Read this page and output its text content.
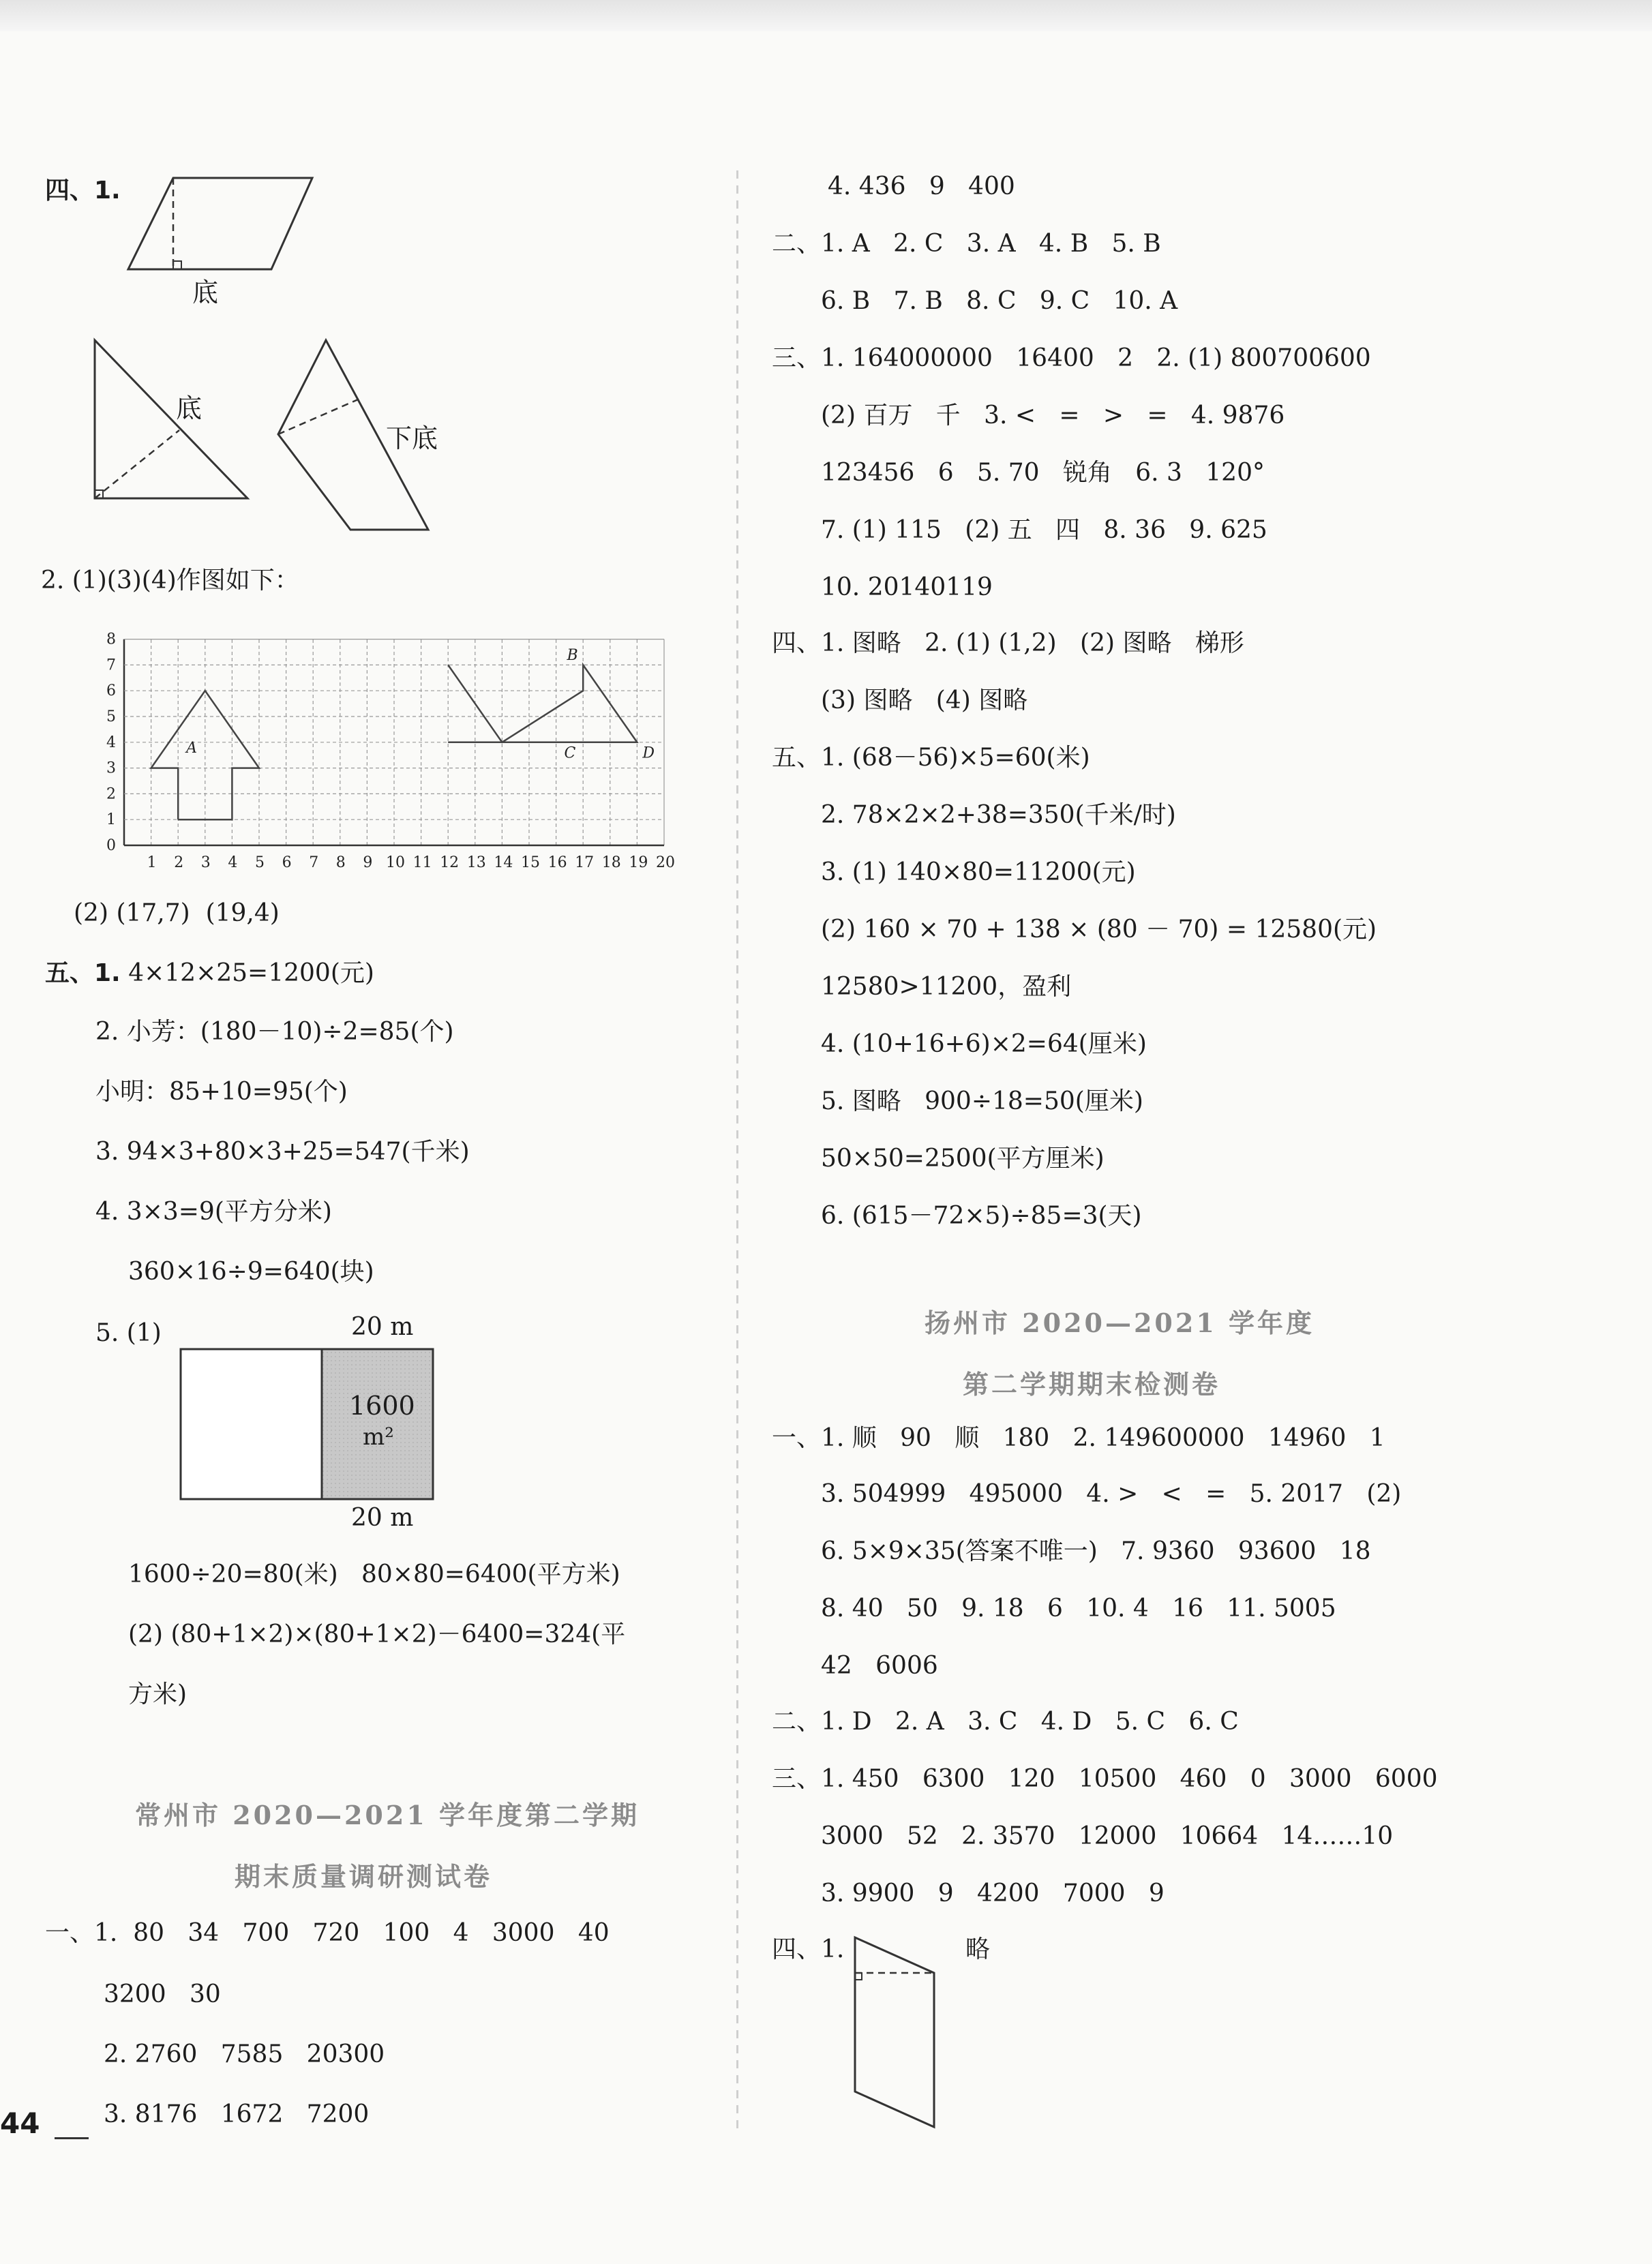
四、1.

底
底
下底

2. (1)(3)(4)作图如下：

0
1
2
3
4
5
6
7
8
1 2 3 4 5 6 7 8 9 10 11 12 13 14 15 16 17 18 19 20
A
B
C	D

(2) (17,7)  (19,4)

五、1. 4×12×25=1200(元)

2. 小芳：(180－10)÷2=85(个)

小明：85+10=95(个)

3. 94×3+80×3+25=547(千米)

4. 3×3=9(平方分米)

360×16÷9=640(块)

5. (1)	20 m
1600
m²
20 m

1600÷20=80(米)   80×80=6400(平方米)

(2) (80+1×2)×(80+1×2)－6400=324(平

方米)

常州市 2020—2021 学年度第二学期

期末质量调研测试卷

一、1.  80   34   700   720   100   4   3000   40

3200   30

2. 2760   7585   20300

3. 8176   1672   7200

44

4. 436   9   400

二、1. A   2. C   3. A   4. B   5. B

6. B   7. B   8. C   9. C   10. A

三、1. 164000000   16400   2   2. (1) 800700600

(2) 百万   千   3. <   =   >   =   4. 9876

123456   6   5. 70   锐角   6. 3   120°

7. (1) 115   (2) 五   四   8. 36   9. 625

10. 20140119

四、1. 图略   2. (1) (1,2)   (2) 图略   梯形

(3) 图略   (4) 图略

五、1. (68－56)×5=60(米)

2. 78×2×2+38=350(千米/时)

3. (1) 140×80=11200(元)

(2) 160 × 70 + 138 × (80 － 70) = 12580(元)

12580>11200，盈利

4. (10+16+6)×2=64(厘米)

5. 图略   900÷18=50(厘米)

50×50=2500(平方厘米)

6. (615－72×5)÷85=3(天)

扬州市 2020—2021 学年度

第二学期期末检测卷

一、1. 顺   90   顺   180   2. 149600000   14960   1

3. 504999   495000   4. >   <   =   5. 2017   (2)

6. 5×9×35(答案不唯一)   7. 9360   93600   18

8. 40   50   9. 18   6   10. 4   16   11. 5005

42   6006

二、1. D   2. A   3. C   4. D   5. C   6. C

三、1. 450   6300   120   10500   460   0   3000   6000

3000   52   2. 3570   12000   10664   14……10

3. 9900   9   4200   7000   9

四、1.	略
